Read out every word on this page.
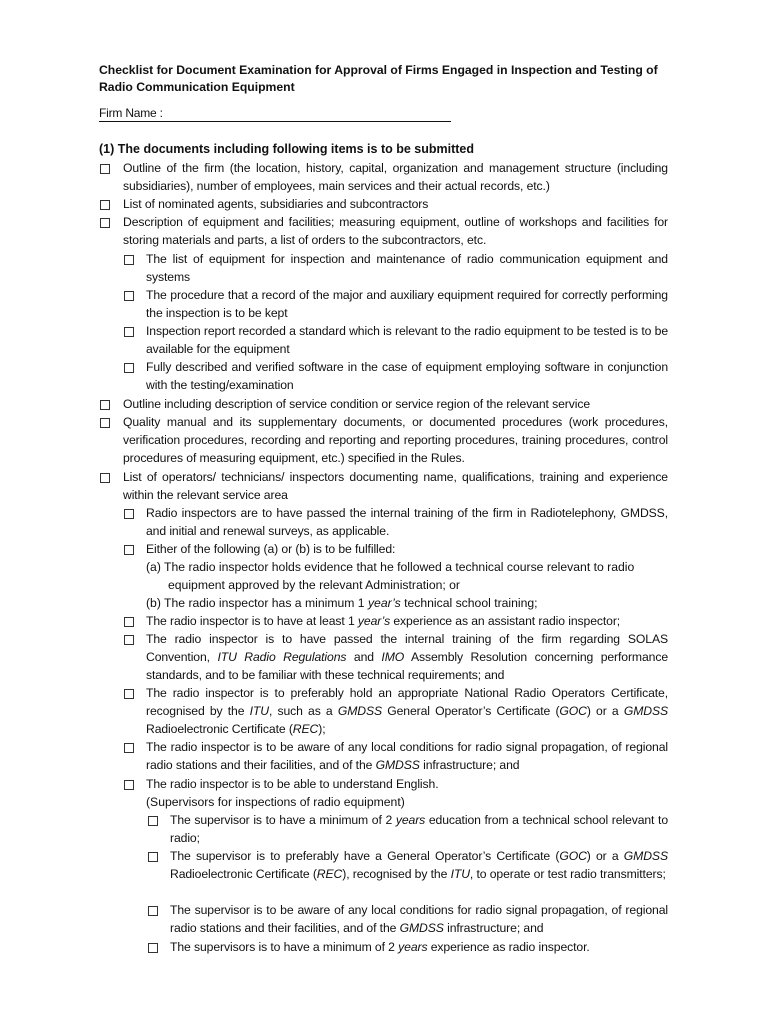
Checklist for Document Examination for Approval of Firms Engaged in Inspection and Testing of Radio Communication Equipment
Firm Name :
(1) The documents including following items is to be submitted
Outline of the firm (the location, history, capital, organization and management structure (including subsidiaries), number of employees, main services and their actual records, etc.)
List of nominated agents, subsidiaries and subcontractors
Description of equipment and facilities; measuring equipment, outline of workshops and facilities for storing materials and parts, a list of orders to the subcontractors, etc.
The list of equipment for inspection and maintenance of radio communication equipment and systems
The procedure that a record of the major and auxiliary equipment required for correctly performing the inspection is to be kept
Inspection report recorded a standard which is relevant to the radio equipment to be tested is to be available for the equipment
Fully described and verified software in the case of equipment employing software in conjunction with the testing/examination
Outline including description of service condition or service region of the relevant service
Quality manual and its supplementary documents, or documented procedures (work procedures, verification procedures, recording and reporting and reporting procedures, training procedures, control procedures of measuring equipment, etc.) specified in the Rules.
List of operators/ technicians/ inspectors documenting name, qualifications, training and experience within the relevant service area
Radio inspectors are to have passed the internal training of the firm in Radiotelephony, GMDSS, and initial and renewal surveys, as applicable.
Either of the following (a) or (b) is to be fulfilled:
(a) The radio inspector holds evidence that he followed a technical course relevant to radio equipment approved by the relevant Administration; or
(b) The radio inspector has a minimum 1 year’s technical school training;
The radio inspector is to have at least 1 year’s experience as an assistant radio inspector;
The radio inspector is to have passed the internal training of the firm regarding SOLAS Convention, ITU Radio Regulations and IMO Assembly Resolution concerning performance standards, and to be familiar with these technical requirements; and
The radio inspector is to preferably hold an appropriate National Radio Operators Certificate, recognised by the ITU, such as a GMDSS General Operator’s Certificate (GOC) or a GMDSS Radioelectronic Certificate (REC);
The radio inspector is to be aware of any local conditions for radio signal propagation, of regional radio stations and their facilities, and of the GMDSS infrastructure; and
The radio inspector is to be able to understand English.
(Supervisors for inspections of radio equipment)
The supervisor is to have a minimum of 2 years education from a technical school relevant to radio;
The supervisor is to preferably have a General Operator’s Certificate (GOC) or a GMDSS Radioelectronic Certificate (REC), recognised by the ITU, to operate or test radio transmitters;
The supervisor is to be aware of any local conditions for radio signal propagation, of regional radio stations and their facilities, and of the GMDSS infrastructure; and
The supervisors is to have a minimum of 2 years experience as radio inspector.
